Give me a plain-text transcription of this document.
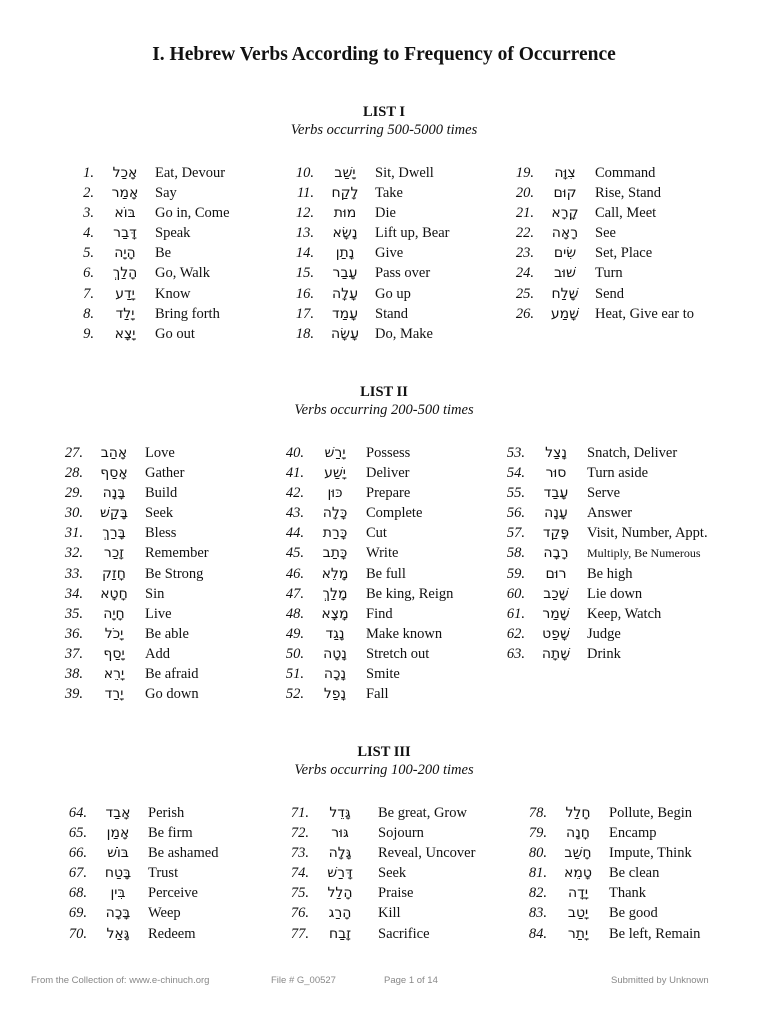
I. Hebrew Verbs According to Frequency of Occurrence
LIST I
Verbs occurring 500-5000 times
1.	אָכַל	Eat, Devour
2.	אָמַר	Say
3.	בּוֹא	Go in, Come
4.	דָּבַר	Speak
5.	הָיָה	Be
6.	הָלַךְ	Go, Walk
7.	יָדַע	Know
8.	יָלַד	Bring forth
9.	יָצָא	Go out
10.	יָשַׁב	Sit, Dwell
11.	לָקַח	Take
12.	מוּת	Die
13.	נָשָׂא	Lift up, Bear
14.	נָתַן	Give
15.	עָבַר	Pass over
16.	עָלָה	Go up
17.	עָמַד	Stand
18.	עָשָׂה	Do, Make
19.	צִוָּה	Command
20.	קוּם	Rise, Stand
21.	קָרָא	Call, Meet
22.	רָאָה	See
23.	שִׂים	Set, Place
24.	שׁוּב	Turn
25.	שָׁלַח	Send
26.	שָׁמַע	Heat, Give ear to
LIST II
Verbs occurring 200-500 times
27.	אָהַב	Love
28.	אָסַף	Gather
29.	בָּנָה	Build
30.	בָּקַשׁ	Seek
31.	בָּרַךְ	Bless
32.	זָכַר	Remember
33.	חָזַק	Be Strong
34.	חָטָא	Sin
35.	חָיָה	Live
36.	יָכֹל	Be able
37.	יָסַף	Add
38.	יָרֵא	Be afraid
39.	יָרַד	Go down
40.	יָרַשׁ	Possess
41.	יָשַׁע	Deliver
42.	כּוּן	Prepare
43.	כָּלָה	Complete
44.	כָּרַת	Cut
45.	כָּתַב	Write
46.	מָלֵא	Be full
47.	מָלַךְ	Be king, Reign
48.	מָצָא	Find
49.	נָגַד	Make known
50.	נָטָה	Stretch out
51.	נָכָה	Smite
52.	נָפַל	Fall
53.	נָצַל	Snatch, Deliver
54.	סוּר	Turn aside
55.	עָבַד	Serve
56.	עָנָה	Answer
57.	פָּקַד	Visit, Number, Appt.
58.	רָבָה	Multiply, Be Numerous
59.	רוּם	Be high
60.	שָׁכַב	Lie down
61.	שָׁמַר	Keep, Watch
62.	שָׁפַט	Judge
63.	שָׁתָה	Drink
LIST III
Verbs occurring 100-200 times
64.	אָבַד	Perish
65.	אָמַן	Be firm
66.	בּוֹשׁ	Be ashamed
67.	בָּטַח	Trust
68.	בִּין	Perceive
69.	בָּכָה	Weep
70.	גָּאַל	Redeem
71.	גָּדֵל	Be great, Grow
72.	גּוּר	Sojourn
73.	גָּלָה	Reveal, Uncover
74.	דָּרַשׁ	Seek
75.	הָלַל	Praise
76.	הָרַג	Kill
77.	זָבַח	Sacrifice
78.	חָלַל	Pollute, Begin
79.	חָנָה	Encamp
80.	חָשַׁב	Impute, Think
81.	טָמֵא	Be clean
82.	יָדָה	Thank
83.	יָטַב	Be good
84.	יָתַר	Be left, Remain
From the Collection of: www.e-chinuch.org	File # G_00527	Page 1 of 14	Submitted by Unknown
